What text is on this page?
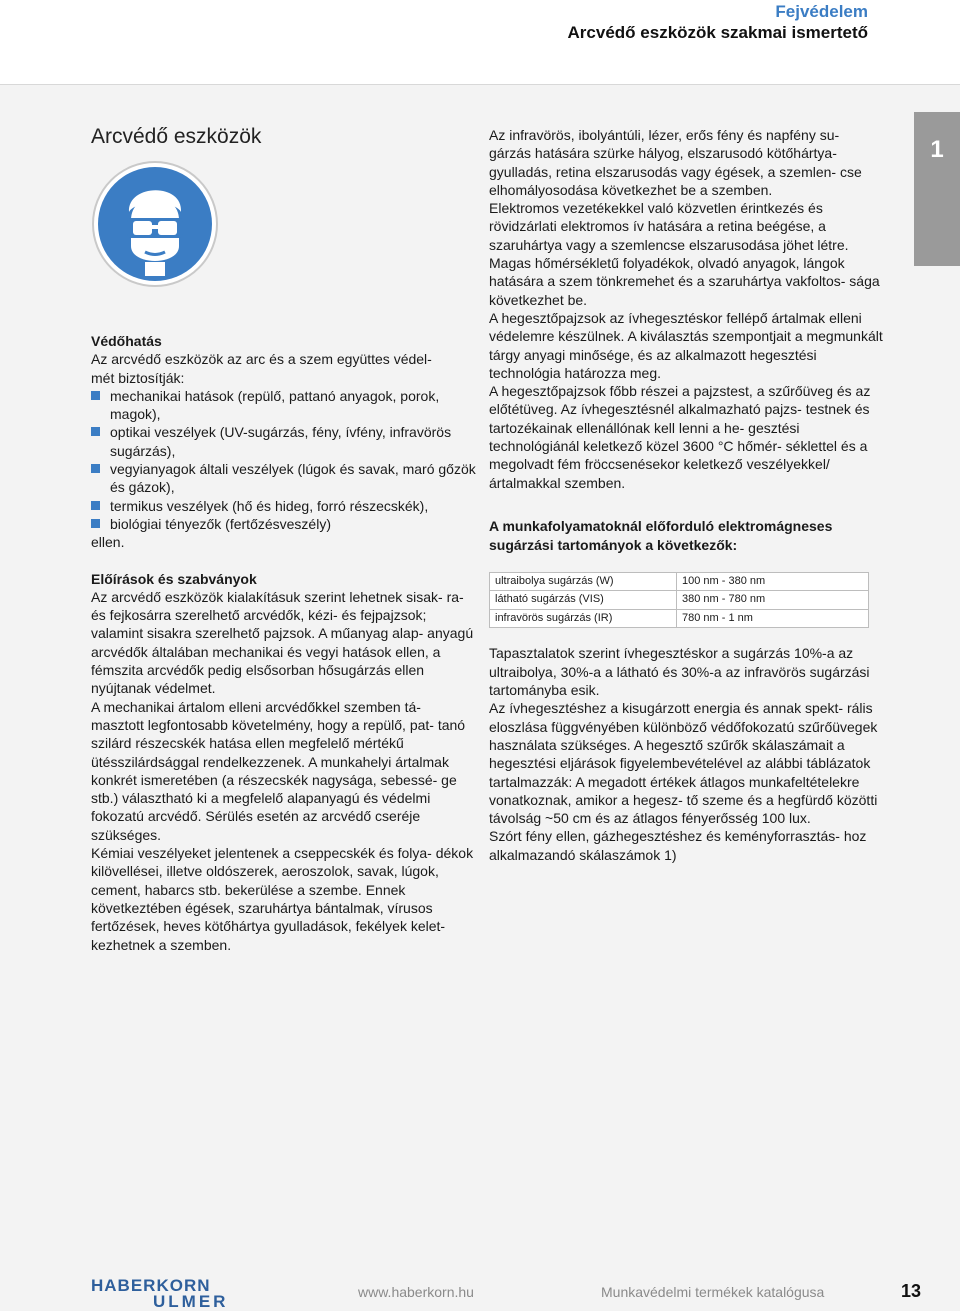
Fejvédelem
Arcvédő eszközök szakmai ismertető
1
Arcvédő eszközök
Védőhatás

Az arcvédő eszközök az arc és a szem együttes védel-
mét biztosítják:

mechanikai hatások (repülő, pattanó anyagok, porok, magok),
optikai veszélyek (UV-sugárzás, fény, ívfény, infravörös sugárzás),
vegyianyagok általi veszélyek (lúgok és savak, maró gőzök és gázok),
termikus veszélyek (hő és hideg, forró részecskék),
biológiai tényezők (fertőzésveszély)

ellen.

Előírások és szabványok

Az arcvédő eszközök kialakításuk szerint lehetnek sisak- ra- és fejkosárra szerelhető arcvédők, kézi- és fejpajzsok; valamint sisakra szerelhető pajzsok. A műanyag alap- anyagú arcvédők általában mechanikai és vegyi hatások ellen, a fémszita arcvédők pedig elsősorban hősugárzás ellen nyújtanak védelmet.

A mechanikai ártalom elleni arcvédőkkel szemben tá- masztott legfontosabb követelmény, hogy a repülő, pat- tanó szilárd részecskék hatása ellen megfelelő mértékű ütésszilárdsággal rendelkezzenek. A munkahelyi ártalmak konkrét ismeretében (a részecskék nagysága, sebessé- ge stb.) választható ki a megfelelő alapanyagú és védelmi fokozatú arcvédő. Sérülés esetén az arcvédő cseréje szükséges.

Kémiai veszélyeket jelentenek a cseppecskék és folya- dékok kilövellései, illetve oldószerek, aeroszolok, savak, lúgok, cement, habarcs stb. bekerülése a szembe. Ennek következtében égések, szaruhártya bántalmak, vírusos fertőzések, heves kötőhártya gyulladások, fekélyek kelet- kezhetnek a szemben.

Az infravörös, ibolyántúli, lézer, erős fény és napfény su- gárzás hatására szürke hályog, elszarusodó kötőhártya- gyulladás, retina elszarusodás vagy égések, a szemlen- cse elhomályosodása következhet be a szemben.

Elektromos vezetékekkel való közvetlen érintkezés és rövidzárlati elektromos ív hatására a retina beégése, a szaruhártya vagy a szemlencse elszarusodása jöhet létre.

Magas hőmérsékletű folyadékok, olvadó anyagok, lángok hatására a szem tönkremehet és a szaruhártya vakfoltos- sága következhet be.

A hegesztőpajzsok az ívhegesztéskor fellépő ártalmak elleni védelemre készülnek. A kiválasztás szempontjait a megmunkált tárgy anyagi minősége, és az alkalmazott hegesztési technológia határozza meg.

A hegesztőpajzsok főbb részei a pajzstest, a szűrőüveg és az előtétüveg. Az ívhegesztésnél alkalmazható pajzs- testnek és tartozékainak ellenállónak kell lenni a he- gesztési technológiánál keletkező közel 3600 °C hőmér- séklettel és a megolvadt fém fröccsenésekor keletkező veszélyekkel/ártalmakkal szemben.

A munkafolyamatoknál előforduló elektromágneses sugárzási tartományok a következők:
ultraibolya sugárzás (W)	100 nm - 380 nm
látható sugárzás (VIS)	380 nm - 780 nm
infravörös sugárzás (IR)	780 nm - 1 nm

Tapasztalatok szerint ívhegesztéskor a sugárzás 10%-a az ultraibolya, 30%-a a látható és 30%-a az infravörös sugárzási tartományba esik.

Az ívhegesztéshez a kisugárzott energia és annak spekt- rális eloszlása függvényében különböző védőfokozatú szűrőüvegek használata szükséges. A hegesztő szűrők skálaszámait a hegesztési eljárások figyelembevételével az alábbi táblázatok tartalmazzák: A megadott értékek átlagos munkafeltételekre vonatkoznak, amikor a hegesz- tő szeme és a hegfürdő közötti távolság ~50 cm és az átlagos fényerősség 100 lux.

Szórt fény ellen, gázhegesztéshez és keményforrasztás- hoz alkalmazandó skálaszámok 1)

HABERKORN
ULMER	www.haberkorn.hu	Munkavédelmi termékek katalógusa	13
